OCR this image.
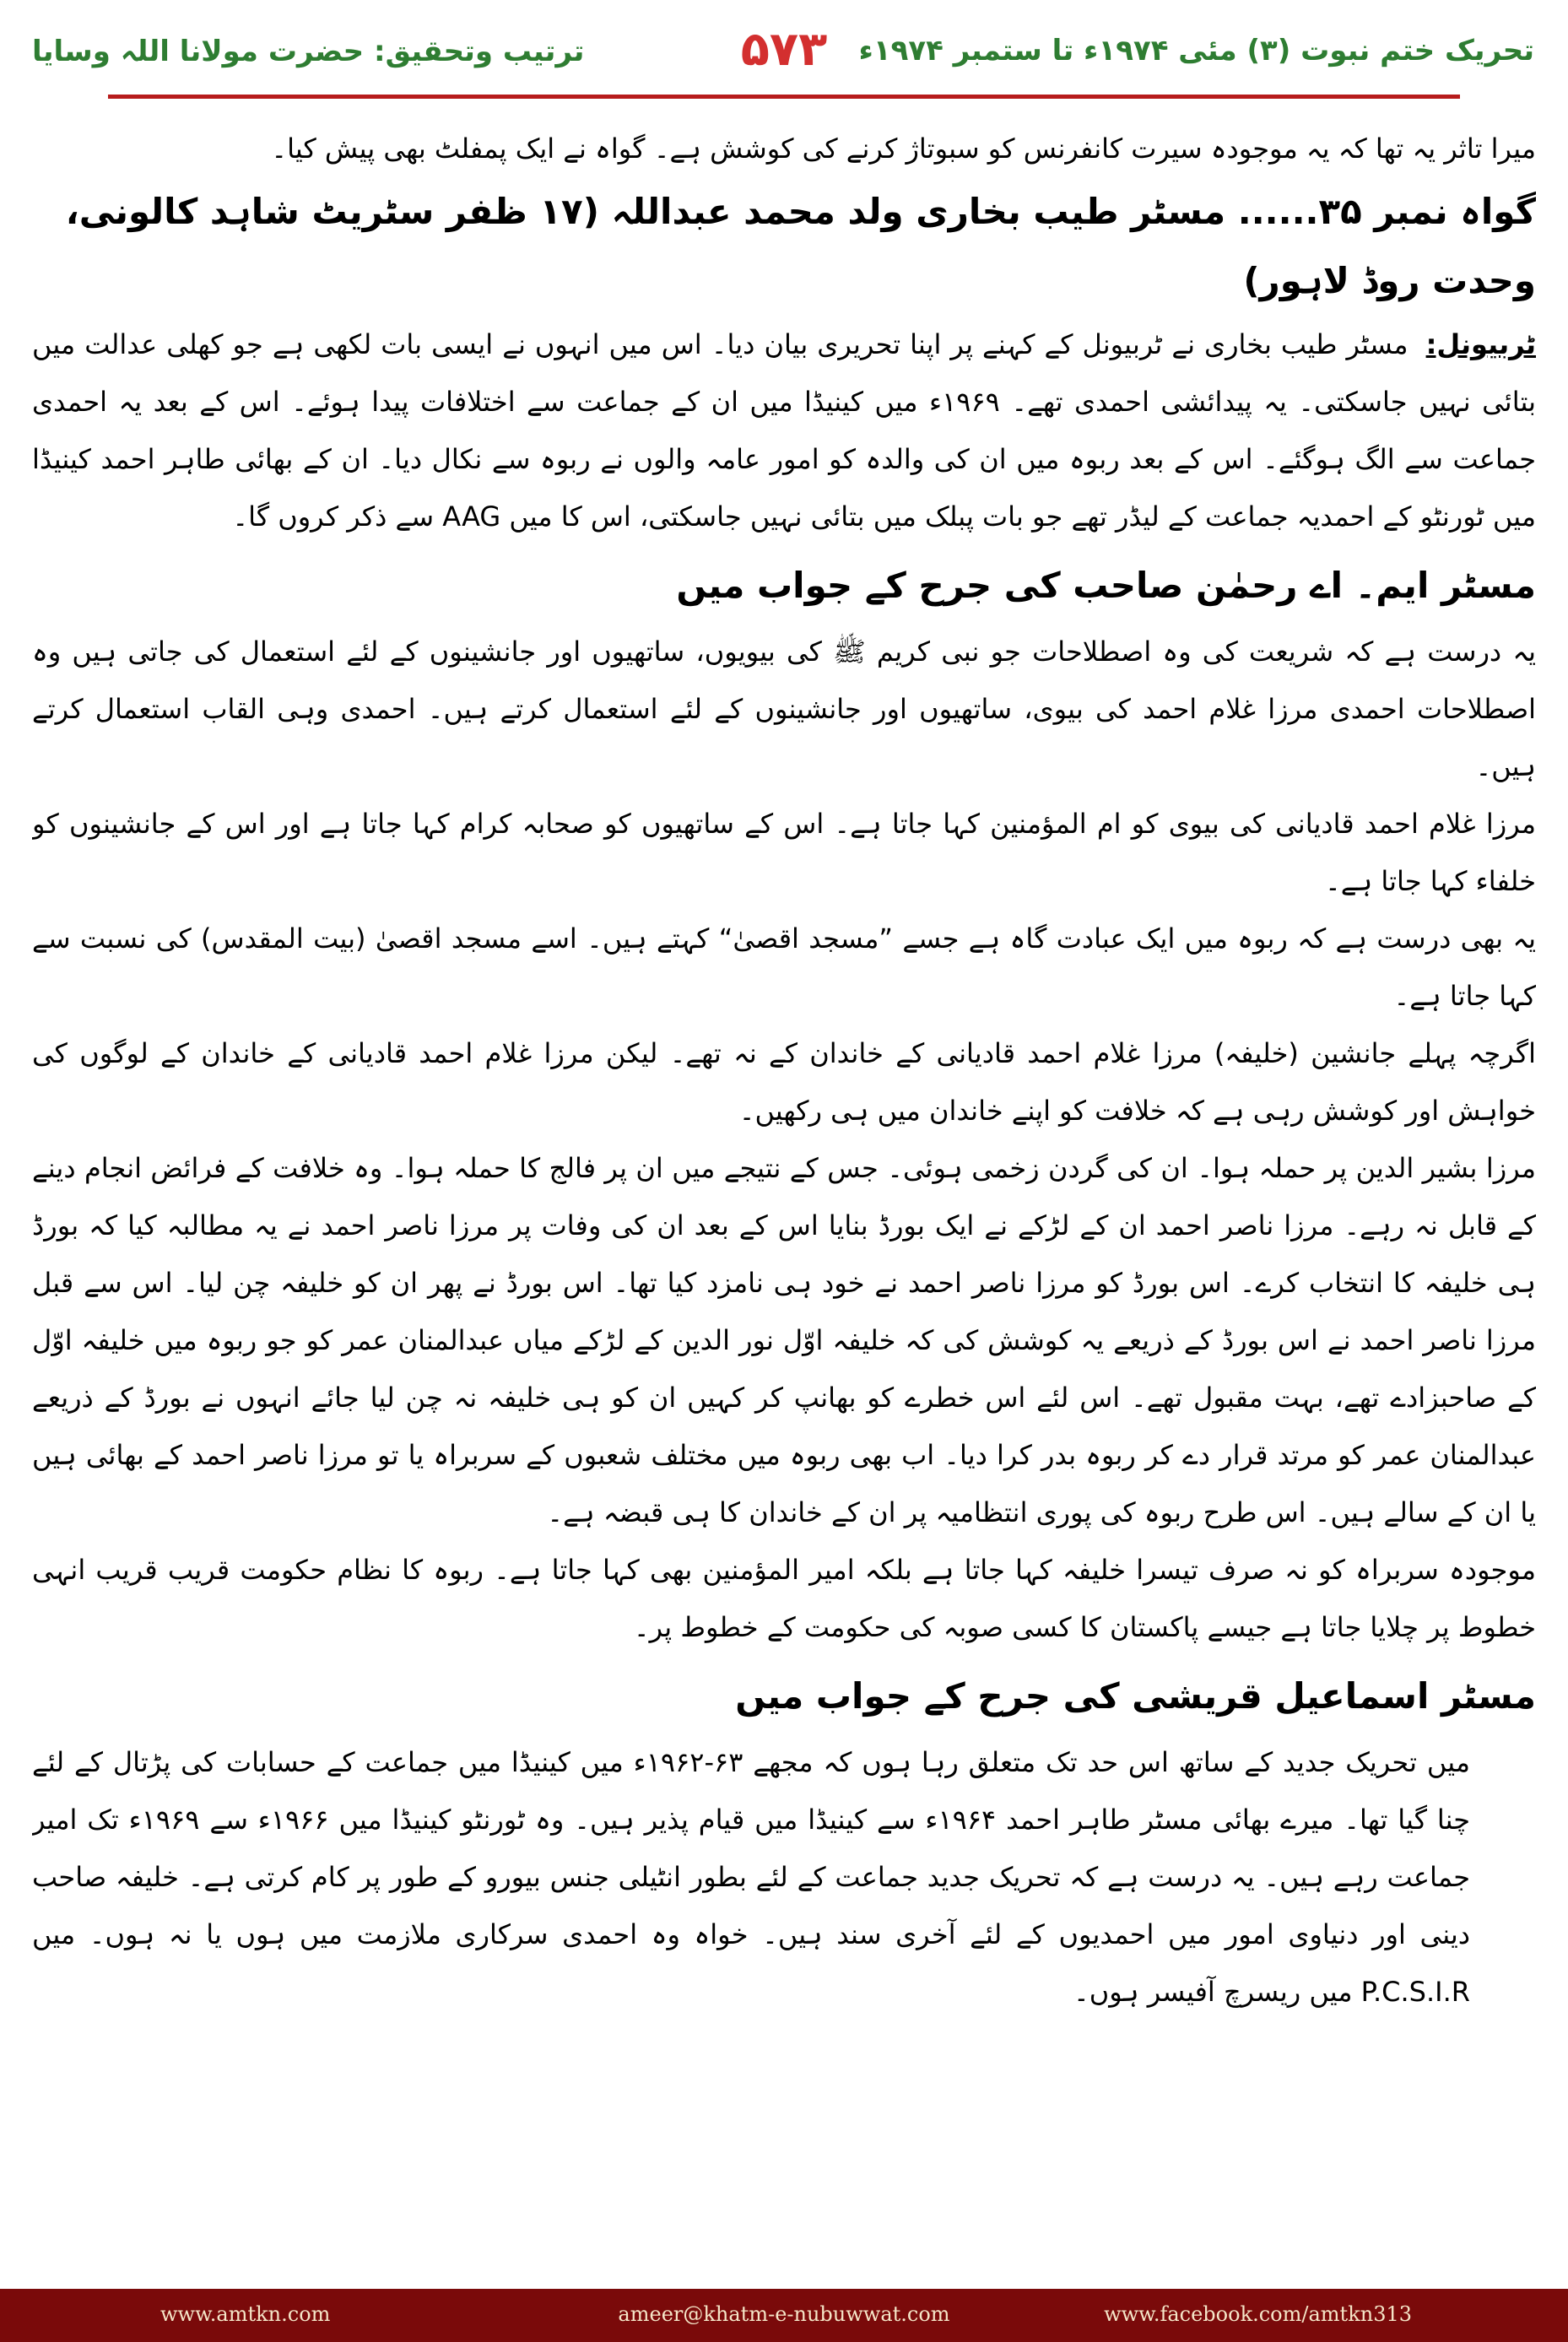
ترتیب وتحقیق: حضرت مولانا اللہ وسایا	۵۷۳	تحریک ختم نبوت (۳) مئی ۱۹۷۴ء تا ستمبر ۱۹۷۴ء

میرا تاثر یہ تھا کہ یہ موجودہ سیرت کانفرنس کو سبوتاژ کرنے کی کوشش ہے۔ گواہ نے ایک پمفلٹ بھی پیش کیا۔

گواہ نمبر ۳۵...... مسٹر طیب بخاری ولد محمد عبداللہ (۱۷ ظفر سٹریٹ شاہد کالونی، وحدت روڈ لاہور)

ٹربیونل: مسٹر طیب بخاری نے ٹربیونل کے کہنے پر اپنا تحریری بیان دیا۔ اس میں انہوں نے ایسی بات لکھی ہے جو کھلی عدالت میں بتائی نہیں جاسکتی۔ یہ پیدائشی احمدی تھے۔ ۱۹۶۹ء میں کینیڈا میں ان کے جماعت سے اختلافات پیدا ہوئے۔ اس کے بعد یہ احمدی جماعت سے الگ ہوگئے۔ اس کے بعد ربوہ میں ان کی والدہ کو امور عامہ والوں نے ربوہ سے نکال دیا۔ ان کے بھائی طاہر احمد کینیڈا میں ٹورنٹو کے احمدیہ جماعت کے لیڈر تھے جو بات پبلک میں بتائی نہیں جاسکتی، اس کا میں AAG سے ذکر کروں گا۔

مسٹر ایم۔ اے رحمٰن صاحب کی جرح کے جواب میں

یہ درست ہے کہ شریعت کی وہ اصطلاحات جو نبی کریم ﷺ کی بیویوں، ساتھیوں اور جانشینوں کے لئے استعمال کی جاتی ہیں وہ اصطلاحات احمدی مرزا غلام احمد کی بیوی، ساتھیوں اور جانشینوں کے لئے استعمال کرتے ہیں۔ احمدی وہی القاب استعمال کرتے ہیں۔

مرزا غلام احمد قادیانی کی بیوی کو ام المؤمنین کہا جاتا ہے۔ اس کے ساتھیوں کو صحابہ کرام کہا جاتا ہے اور اس کے جانشینوں کو خلفاء کہا جاتا ہے۔

یہ بھی درست ہے کہ ربوہ میں ایک عبادت گاہ ہے جسے ”مسجد اقصیٰ“ کہتے ہیں۔ اسے مسجد اقصیٰ (بیت المقدس) کی نسبت سے کہا جاتا ہے۔

اگرچہ پہلے جانشین (خلیفہ) مرزا غلام احمد قادیانی کے خاندان کے نہ تھے۔ لیکن مرزا غلام احمد قادیانی کے خاندان کے لوگوں کی خواہش اور کوشش رہی ہے کہ خلافت کو اپنے خاندان میں ہی رکھیں۔

مرزا بشیر الدین پر حملہ ہوا۔ ان کی گردن زخمی ہوئی۔ جس کے نتیجے میں ان پر فالج کا حملہ ہوا۔ وہ خلافت کے فرائض انجام دینے کے قابل نہ رہے۔ مرزا ناصر احمد ان کے لڑکے نے ایک بورڈ بنایا اس کے بعد ان کی وفات پر مرزا ناصر احمد نے یہ مطالبہ کیا کہ بورڈ ہی خلیفہ کا انتخاب کرے۔ اس بورڈ کو مرزا ناصر احمد نے خود ہی نامزد کیا تھا۔ اس بورڈ نے پھر ان کو خلیفہ چن لیا۔ اس سے قبل مرزا ناصر احمد نے اس بورڈ کے ذریعے یہ کوشش کی کہ خلیفہ اوّل نور الدین کے لڑکے میاں عبدالمنان عمر کو جو ربوہ میں خلیفہ اوّل کے صاحبزادے تھے، بہت مقبول تھے۔ اس لئے اس خطرے کو بھانپ کر کہیں ان کو ہی خلیفہ نہ چن لیا جائے انہوں نے بورڈ کے ذریعے عبدالمنان عمر کو مرتد قرار دے کر ربوہ بدر کرا دیا۔ اب بھی ربوہ میں مختلف شعبوں کے سربراہ یا تو مرزا ناصر احمد کے بھائی ہیں یا ان کے سالے ہیں۔ اس طرح ربوہ کی پوری انتظامیہ پر ان کے خاندان کا ہی قبضہ ہے۔

موجودہ سربراہ کو نہ صرف تیسرا خلیفہ کہا جاتا ہے بلکہ امیر المؤمنین بھی کہا جاتا ہے۔ ربوہ کا نظام حکومت قریب قریب انہی خطوط پر چلایا جاتا ہے جیسے پاکستان کا کسی صوبہ کی حکومت کے خطوط پر۔

مسٹر اسماعیل قریشی کی جرح کے جواب میں

میں تحریک جدید کے ساتھ اس حد تک متعلق رہا ہوں کہ مجھے ۶۳-۱۹۶۲ء میں کینیڈا میں جماعت کے حسابات کی پڑتال کے لئے چنا گیا تھا۔ میرے بھائی مسٹر طاہر احمد ۱۹۶۴ء سے کینیڈا میں قیام پذیر ہیں۔ وہ ٹورنٹو کینیڈا میں ۱۹۶۶ء سے ۱۹۶۹ء تک امیر جماعت رہے ہیں۔ یہ درست ہے کہ تحریک جدید جماعت کے لئے بطور انٹیلی جنس بیورو کے طور پر کام کرتی ہے۔ خلیفہ صاحب دینی اور دنیاوی امور میں احمدیوں کے لئے آخری سند ہیں۔ خواہ وہ احمدی سرکاری ملازمت میں ہوں یا نہ ہوں۔ میں P.C.S.I.R میں ریسرچ آفیسر ہوں۔

www.amtkn.com	ameer@khatm-e-nubuwwat.com	www.facebook.com/amtkn313
